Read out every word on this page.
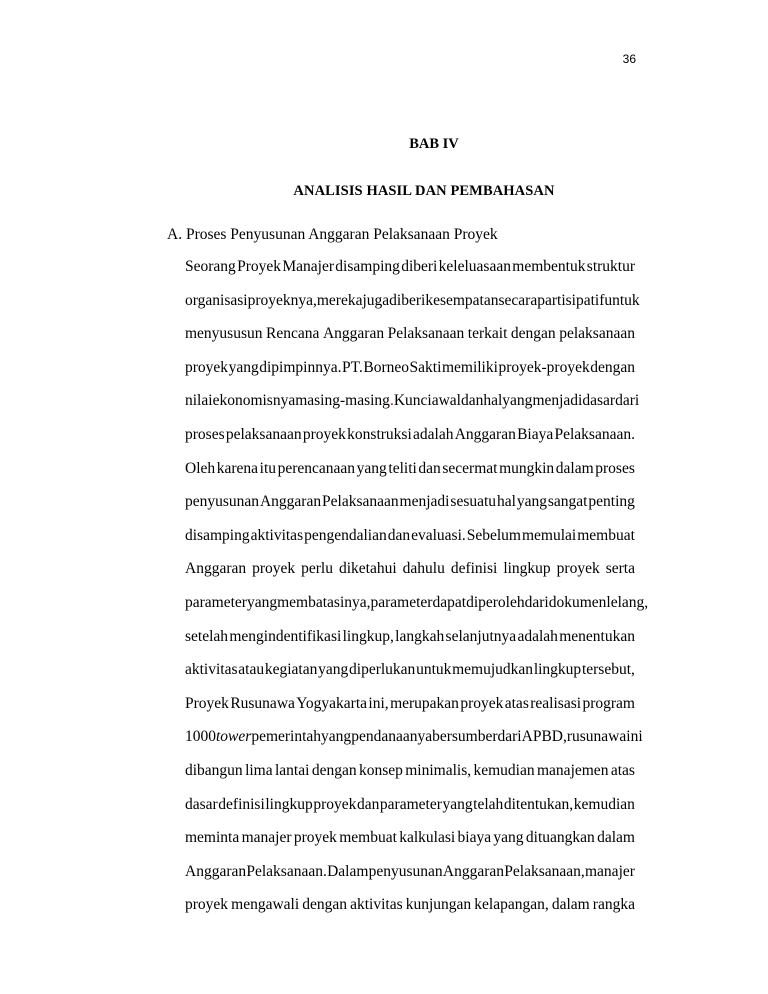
36
BAB IV
ANALISIS HASIL DAN PEMBAHASAN
A. Proses Penyusunan Anggaran Pelaksanaan Proyek
Seorang Proyek Manajer disamping diberi keleluasaan membentuk struktur
organisasi proyeknya, mereka juga diberi kesempatan secara partisipatif untuk
menyususun Rencana Anggaran Pelaksanaan terkait dengan pelaksanaan
proyek yang dipimpinnya. PT. Borneo Sakti memiliki proyek-proyek dengan
nilai ekonomisnya masing-masing. Kunci awal dan hal yang menjadi dasar dari
proses pelaksanaan proyek konstruksi adalah Anggaran Biaya Pelaksanaan.
Oleh karena itu perencanaan yang teliti dan secermat mungkin dalam proses
penyusunan Anggaran Pelaksanaan menjadi sesuatu hal yang sangat penting
disamping aktivitas pengendalian dan evaluasi. Sebelum memulai membuat
Anggaran proyek perlu diketahui dahulu definisi lingkup proyek serta
parameter yang membatasinya, parameter dapat diperoleh dari dokumen lelang,
setelah mengindentifikasi lingkup, langkah selanjutnya adalah menentukan
aktivitas atau kegiatan yang diperlukan untuk memujudkan lingkup tersebut,
Proyek Rusunawa Yogyakarta ini, merupakan proyek atas realisasi program
1000 tower pemerintah yang pendanaanya bersumber dari APBD, rusunawa ini
dibangun lima lantai dengan konsep minimalis, kemudian manajemen atas
dasar definisi lingkup proyek dan parameter yang telah ditentukan, kemudian
meminta manajer proyek membuat kalkulasi biaya yang dituangkan dalam
Anggaran Pelaksanaan. Dalam penyusunan Anggaran Pelaksanaan, manajer
proyek mengawali dengan aktivitas kunjungan kelapangan, dalam rangka
